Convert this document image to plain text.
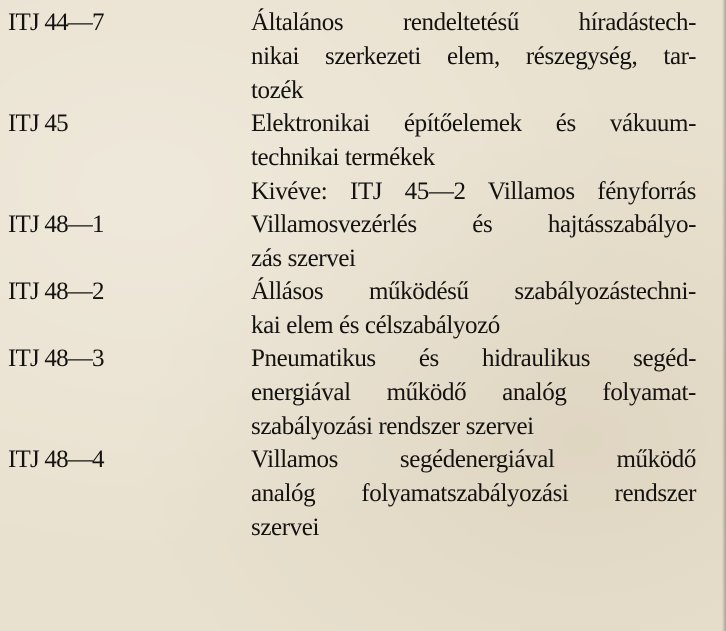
ITJ 44—7	Általános rendeltetésű híradástech-
nikai szerkezeti elem, részegység, tar-
tozék
ITJ 45	Elektronikai építőelemek és vákuum-
technikai termékek
Kivéve: ITJ 45—2 Villamos fényforrás
ITJ 48—1	Villamosvezérlés és hajtásszabályo-
zás szervei
ITJ 48—2	Állásos működésű szabályozástechni-
kai elem és célszabályozó
ITJ 48—3	Pneumatikus és hidraulikus segéd-
energiával működő analóg folyamat-
szabályozási rendszer szervei
ITJ 48—4	Villamos segédenergiával működő
analóg folyamatszabályozási rendszer
szervei
